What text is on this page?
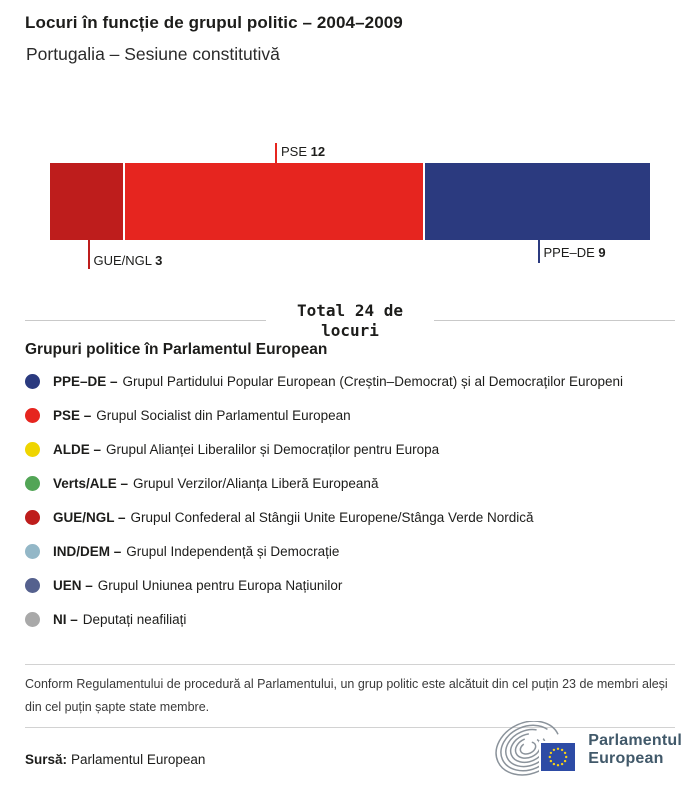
Locuri în funcție de grupul politic – 2004–2009
Portugalia – Sesiune constitutivă
GUE/NGL 3
PSE 12
PPE–DE 9
Total 24 de locuri
Grupuri politice în Parlamentul European
PPE–DE – Grupul Partidului Popular European (Creștin–Democrat) și al Democraților Europeni
PSE – Grupul Socialist din Parlamentul European
ALDE – Grupul Alianței Liberalilor și Democraților pentru Europa
Verts/ALE – Grupul Verzilor/Alianța Liberă Europeană
GUE/NGL – Grupul Confederal al Stângii Unite Europene/Stânga Verde Nordică
IND/DEM – Grupul Independență și Democrație
UEN – Grupul Uniunea pentru Europa Națiunilor
NI – Deputați neafiliați
Conform Regulamentului de procedură al Parlamentului, un grup politic este alcătuit din cel puțin 23 de membri aleși din cel puțin șapte state membre.
Sursă: Parlamentul European
Parlamentul
European
